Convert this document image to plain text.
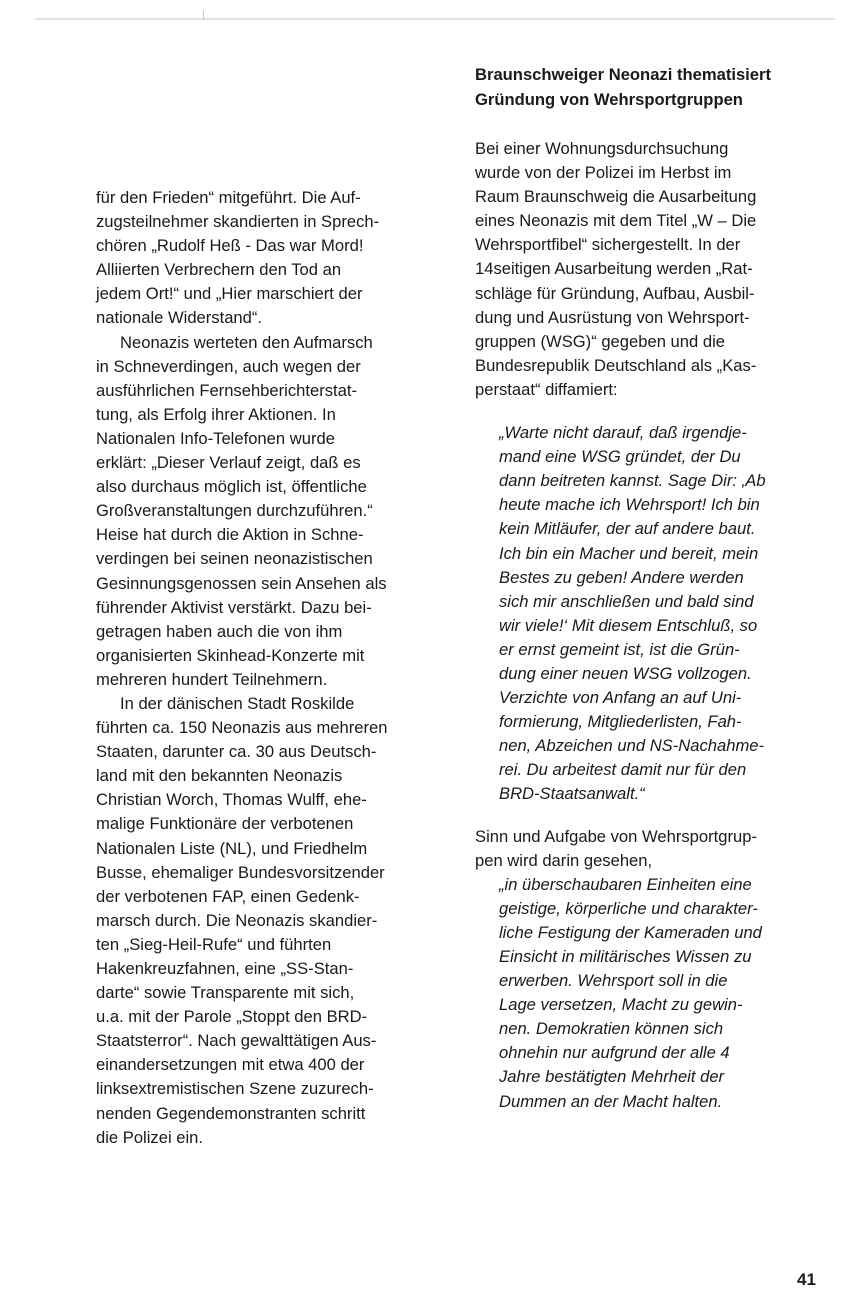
für den Frieden“ mitgeführt. Die Auf-
zugsteilnehmer skandierten in Sprech-
chören „Rudolf Heß - Das war Mord!
Alliierten Verbrechern den Tod an
jedem Ort!“ und „Hier marschiert der
nationale Widerstand“.
Neonazis werteten den Aufmarsch
in Schneverdingen, auch wegen der
ausführlichen Fernsehberichterstat-
tung, als Erfolg ihrer Aktionen. In
Nationalen Info-Telefonen wurde
erklärt: „Dieser Verlauf zeigt, daß es
also durchaus möglich ist, öffentliche
Großveranstaltungen durchzuführen.“
Heise hat durch die Aktion in Schne-
verdingen bei seinen neonazistischen
Gesinnungsgenossen sein Ansehen als
führender Aktivist verstärkt. Dazu bei-
getragen haben auch die von ihm
organisierten Skinhead-Konzerte mit
mehreren hundert Teilnehmern.
In der dänischen Stadt Roskilde
führten ca. 150 Neonazis aus mehreren
Staaten, darunter ca. 30 aus Deutsch-
land mit den bekannten Neonazis
Christian Worch, Thomas Wulff, ehe-
malige Funktionäre der verbotenen
Nationalen Liste (NL), und Friedhelm
Busse, ehemaliger Bundesvorsitzender
der verbotenen FAP, einen Gedenk-
marsch durch. Die Neonazis skandier-
ten „Sieg-Heil-Rufe“ und führten
Hakenkreuzfahnen, eine „SS-Stan-
darte“ sowie Transparente mit sich,
u.a. mit der Parole „Stoppt den BRD-
Staatsterror“. Nach gewalttätigen Aus-
einandersetzungen mit etwa 400 der
linksextremistischen Szene zuzurech-
nenden Gegendemonstranten schritt
die Polizei ein.
Braunschweiger Neonazi thematisiert
Gründung von Wehrsportgruppen
Bei einer Wohnungsdurchsuchung
wurde von der Polizei im Herbst im
Raum Braunschweig die Ausarbeitung
eines Neonazis mit dem Titel „W – Die
Wehrsportfibel“ sichergestellt. In der
14seitigen Ausarbeitung werden „Rat-
schläge für Gründung, Aufbau, Ausbil-
dung und Ausrüstung von Wehrsport-
gruppen (WSG)“ gegeben und die
Bundesrepublik Deutschland als „Kas-
perstaat“ diffamiert:
„Warte nicht darauf, daß irgendje-
mand eine WSG gründet, der Du
dann beitreten kannst. Sage Dir: ‚Ab
heute mache ich Wehrsport! Ich bin
kein Mitläufer, der auf andere baut.
Ich bin ein Macher und bereit, mein
Bestes zu geben! Andere werden
sich mir anschließen und bald sind
wir viele!‘ Mit diesem Entschluß, so
er ernst gemeint ist, ist die Grün-
dung einer neuen WSG vollzogen.
Verzichte von Anfang an auf Uni-
formierung, Mitgliederlisten, Fah-
nen, Abzeichen und NS-Nachahme-
rei. Du arbeitest damit nur für den
BRD-Staatsanwalt.“
Sinn und Aufgabe von Wehrsportgrup-
pen wird darin gesehen,
„in überschaubaren Einheiten eine
geistige, körperliche und charakter-
liche Festigung der Kameraden und
Einsicht in militärisches Wissen zu
erwerben. Wehrsport soll in die
Lage versetzen, Macht zu gewin-
nen. Demokratien können sich
ohnehin nur aufgrund der alle 4
Jahre bestätigten Mehrheit der
Dummen an der Macht halten.
41
